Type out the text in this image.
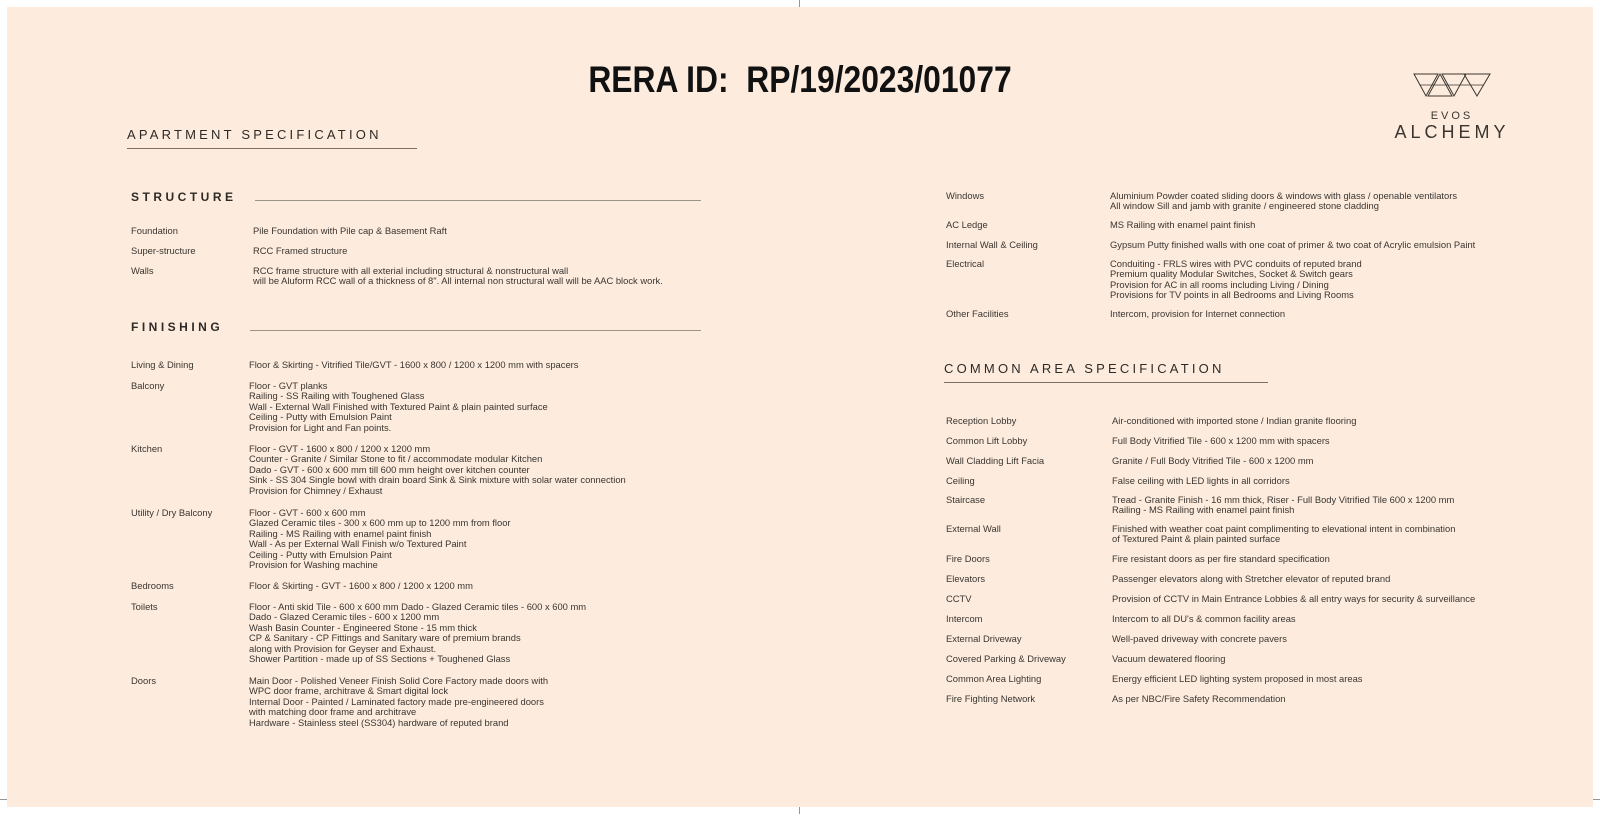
RERA ID:  RP/19/2023/01077
EVOS
ALCHEMY
APARTMENT SPECIFICATION
STRUCTURE
Foundation	Pile Foundation with Pile cap & Basement Raft
Super-structure	RCC Framed structure
Walls	RCC frame structure with all exterial including structural & nonstructural wall
will be Aluform RCC wall of a thickness of 8". All internal non structural wall will be AAC block work.
FINISHING
Living & Dining	Floor & Skirting - Vitrified Tile/GVT - 1600 x 800 / 1200 x 1200 mm with spacers
Balcony	Floor - GVT planks
Railing - SS Railing with Toughened Glass
Wall - External Wall Finished with Textured Paint & plain painted surface
Ceiling - Putty with Emulsion Paint
Provision for Light and Fan points.
Kitchen	Floor - GVT - 1600 x 800 / 1200 x 1200 mm
Counter - Granite / Similar Stone to fit / accommodate modular Kitchen
Dado - GVT - 600 x 600 mm till 600 mm height over kitchen counter
Sink - SS 304 Single bowl with drain board Sink & Sink mixture with solar water connection
Provision for Chimney / Exhaust
Utility / Dry Balcony	Floor - GVT - 600 x 600 mm
Glazed Ceramic tiles - 300 x 600 mm up to 1200 mm from floor
Railing - MS Railing with enamel paint finish
Wall - As per External Wall Finish w/o Textured Paint
Ceiling - Putty with Emulsion Paint
Provision for Washing machine
Bedrooms	Floor & Skirting - GVT - 1600 x 800 / 1200 x 1200 mm
Toilets	Floor - Anti skid Tile - 600 x 600 mm Dado - Glazed Ceramic tiles - 600 x 600 mm
Dado - Glazed Ceramic tiles - 600 x 1200 mm
Wash Basin Counter - Engineered Stone - 15 mm thick
CP & Sanitary - CP Fittings and Sanitary ware of premium brands
along with Provision for Geyser and Exhaust.
Shower Partition - made up of SS Sections + Toughened Glass
Doors	Main Door - Polished Veneer Finish Solid Core Factory made doors with
WPC door frame, architrave & Smart digital lock
Internal Door - Painted / Laminated factory made pre-engineered doors
with matching door frame and architrave
Hardware - Stainless steel (SS304) hardware of reputed brand
Windows	Aluminium Powder coated sliding doors & windows with glass / openable ventilators
All window Sill and jamb with granite / engineered stone cladding
AC Ledge	MS Railing with enamel paint finish
Internal Wall & Ceiling	Gypsum Putty finished walls with one coat of primer & two coat of Acrylic emulsion Paint
Electrical	Conduiting - FRLS wires with PVC conduits of reputed brand
Premium quality Modular Switches, Socket & Switch gears
Provision for AC in all rooms including Living / Dining
Provisions for TV points in all Bedrooms and Living Rooms
Other Facilities	Intercom, provision for Internet connection
COMMON AREA SPECIFICATION
Reception Lobby	Air-conditioned with imported stone / Indian granite flooring
Common Lift Lobby	Full Body Vitrified Tile - 600 x 1200 mm with spacers
Wall Cladding Lift Facia	Granite / Full Body Vitrified Tile - 600 x 1200 mm
Ceiling	False ceiling with LED lights in all corridors
Staircase	Tread - Granite Finish - 16 mm thick, Riser - Full Body Vitrified Tile 600 x 1200 mm
Railing - MS Railing with enamel paint finish
External Wall	Finished with weather coat paint complimenting to elevational intent in combination
of Textured Paint & plain painted surface
Fire Doors	Fire resistant doors as per fire standard specification
Elevators	Passenger elevators along with Stretcher elevator of reputed brand
CCTV	Provision of CCTV in Main Entrance Lobbies & all entry ways for security & surveillance
Intercom	Intercom to all DU's & common facility areas
External Driveway	Well-paved driveway with concrete pavers
Covered Parking & Driveway	Vacuum dewatered flooring
Common Area Lighting	Energy efficient LED lighting system proposed in most areas
Fire Fighting Network	As per NBC/Fire Safety Recommendation
